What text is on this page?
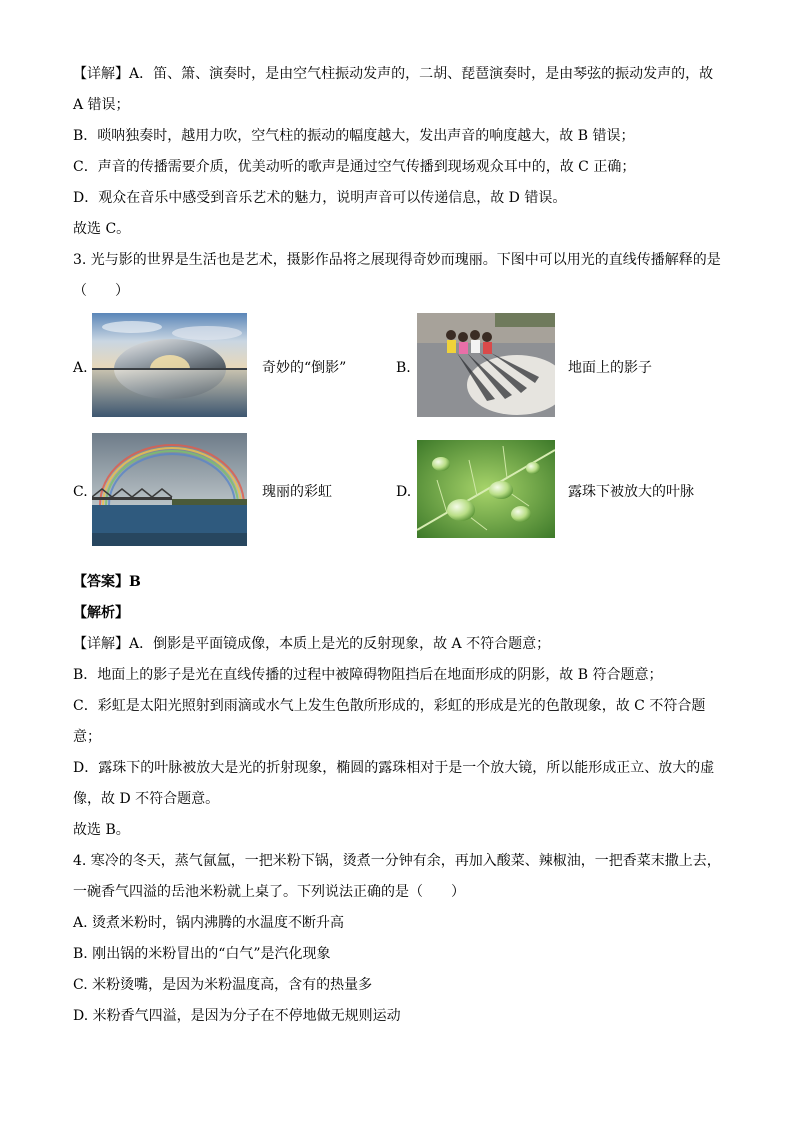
【详解】A．笛、箫、演奏时，是由空气柱振动发声的，二胡、琵琶演奏时，是由琴弦的振动发声的，故
A 错误；
B．唢呐独奏时，越用力吹，空气柱的振动的幅度越大，发出声音的响度越大，故 B 错误；
C．声音的传播需要介质，优美动听的歌声是通过空气传播到现场观众耳中的，故 C 正确；
D．观众在音乐中感受到音乐艺术的魅力，说明声音可以传递信息，故 D 错误。
故选 C。
3. 光与影的世界是生活也是艺术，摄影作品将之展现得奇妙而瑰丽。下图中可以用光的直线传播解释的是
（　　）
A.	奇妙的“倒影”	B.	地面上的影子
C.	瑰丽的彩虹	D.	露珠下被放大的叶脉
【答案】B
【解析】
【详解】A．倒影是平面镜成像，本质上是光的反射现象，故 A 不符合题意；
B．地面上的影子是光在直线传播的过程中被障碍物阻挡后在地面形成的阴影，故 B 符合题意；
C．彩虹是太阳光照射到雨滴或水气上发生色散所形成的，彩虹的形成是光的色散现象，故 C 不符合题
意；
D．露珠下的叶脉被放大是光的折射现象，椭圆的露珠相对于是一个放大镜，所以能形成正立、放大的虚
像，故 D 不符合题意。
故选 B。
4. 寒冷的冬天，蒸气氤氲，一把米粉下锅，烫煮一分钟有余，再加入酸菜、辣椒油，一把香菜末撒上去，
一碗香气四溢的岳池米粉就上桌了。下列说法正确的是（　　）
A. 烫煮米粉时，锅内沸腾的水温度不断升高
B. 刚出锅的米粉冒出的“白气”是汽化现象
C. 米粉烫嘴，是因为米粉温度高，含有的热量多
D. 米粉香气四溢，是因为分子在不停地做无规则运动
